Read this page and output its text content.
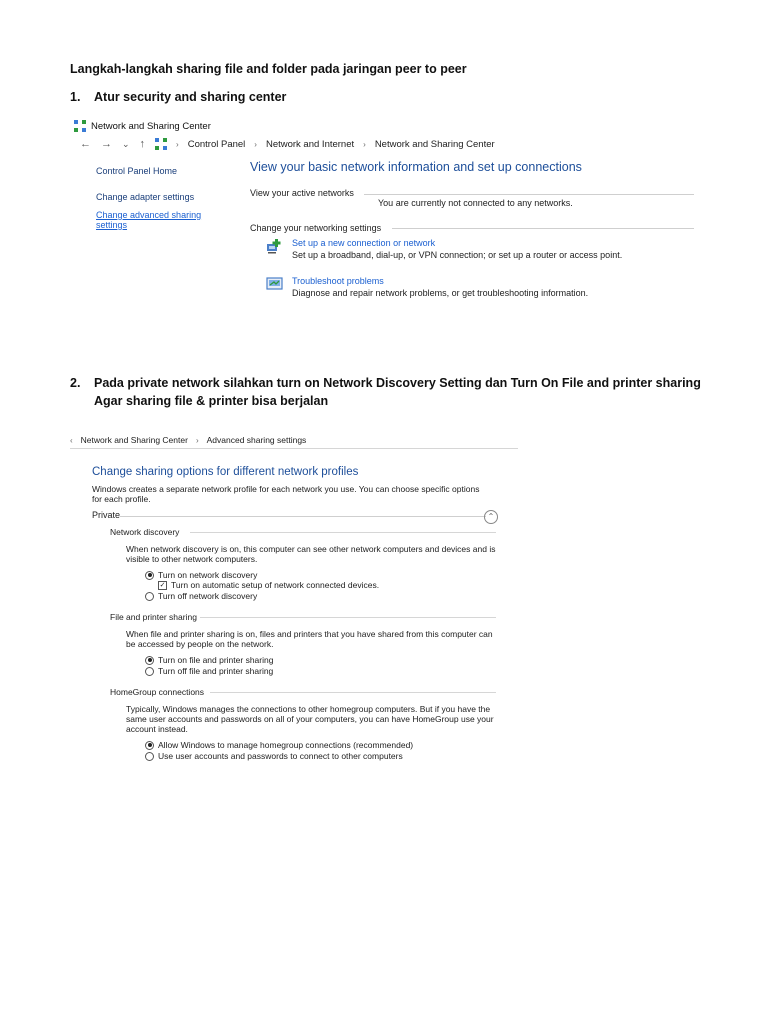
Langkah-langkah sharing file and folder pada jaringan peer to peer
1. Atur security and sharing center
2. Pada private network silahkan turn on Network Discovery Setting dan Turn On File and printer sharing
Agar sharing file & printer bisa berjalan
Network and Sharing Center
← → ⌄ ↑	› Control Panel › Network and Internet › Network and Sharing Center
Control Panel Home
Change adapter settings
Change advanced sharing settings
View your basic network information and set up connections
View your active networks
You are currently not connected to any networks.
Change your networking settings
Set up a new connection or network
Set up a broadband, dial-up, or VPN connection; or set up a router or access point.
Troubleshoot problems
Diagnose and repair network problems, or get troubleshooting information.
‹ Network and Sharing Center › Advanced sharing settings
Change sharing options for different network profiles
Windows creates a separate network profile for each network you use. You can choose specific options for each profile.
Private	⌃
Network discovery
When network discovery is on, this computer can see other network computers and devices and is visible to other network computers.
Turn on network discovery
✓ Turn on automatic setup of network connected devices.
Turn off network discovery
File and printer sharing
When file and printer sharing is on, files and printers that you have shared from this computer can be accessed by people on the network.
Turn on file and printer sharing
Turn off file and printer sharing
HomeGroup connections
Typically, Windows manages the connections to other homegroup computers. But if you have the same user accounts and passwords on all of your computers, you can have HomeGroup use your account instead.
Allow Windows to manage homegroup connections (recommended)
Use user accounts and passwords to connect to other computers
